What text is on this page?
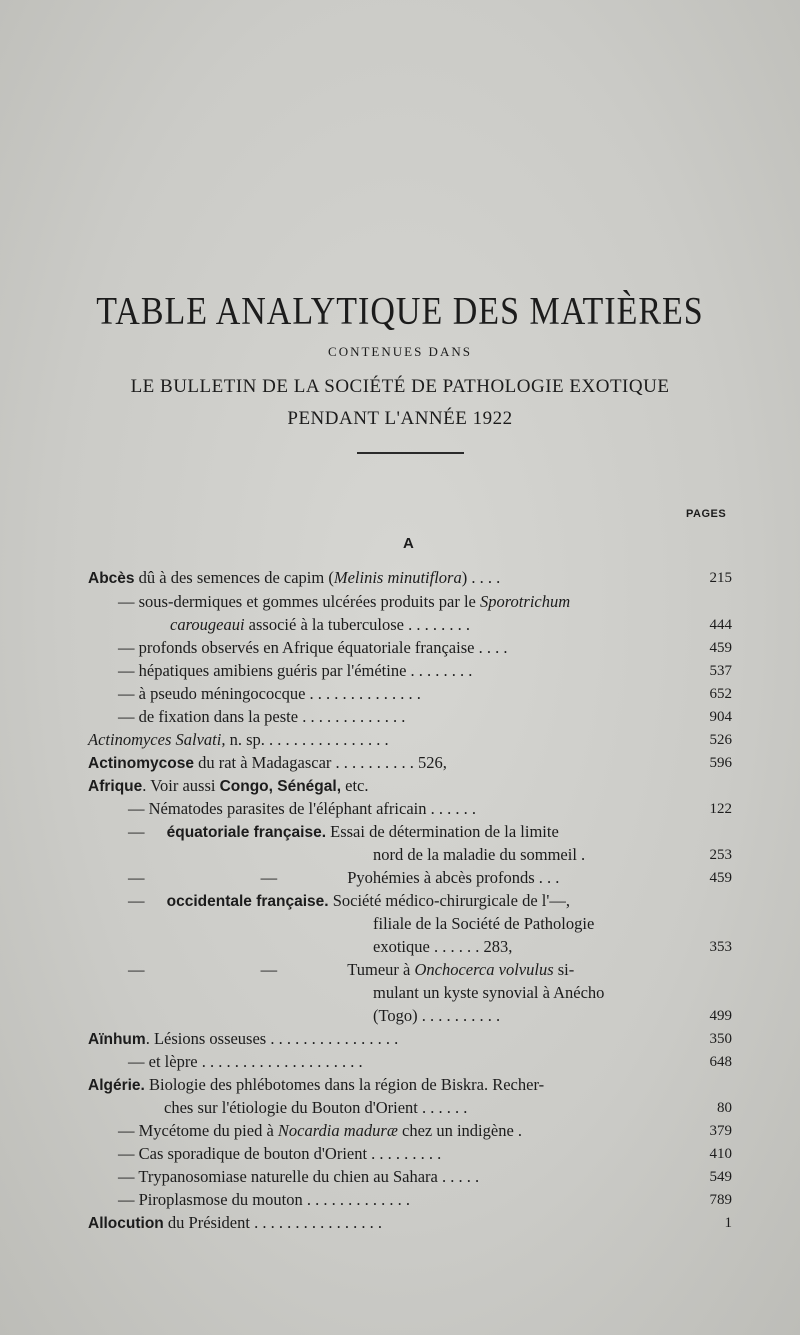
TABLE ANALYTIQUE DES MATIÈRES
CONTENUES DANS
LE BULLETIN DE LA SOCIÉTÉ DE PATHOLOGIE EXOTIQUE
PENDANT L'ANNÉE 1922
PAGES
A
Abcès dû à des semences de capim (Melinis minutiflora) . . . .	215
— sous-dermiques et gommes ulcérées produits par le Sporotrichum
carougeaui associé à la tuberculose . . . . . . . .	444
— profonds observés en Afrique équatoriale française . . . .	459
— hépatiques amibiens guéris par l'émétine . . . . . . . .	537
— à pseudo méningococque . . . . . . . . . . . . . .	652
— de fixation dans la peste . . . . . . . . . . . . .	904
Actinomyces Salvati, n. sp. . . . . . . . . . . . . . . .	526
Actinomycose du rat à Madagascar . . . . . . . . . . 526,	596
Afrique. Voir aussi Congo, Sénégal, etc.
— Nématodes parasites de l'éléphant africain . . . . . .	122
— équatoriale française. Essai de détermination de la limite
nord de la maladie du sommeil .	253
—	—	Pyohémies à abcès profonds . . .	459
— occidentale française. Société médico-chirurgicale de l'—,
filiale de la Société de Pathologie
exotique . . . . . . 283,	353
—	—	Tumeur à Onchocerca volvulus si-
mulant un kyste synovial à Anécho
(Togo) . . . . . . . . . .	499
Aïnhum. Lésions osseuses . . . . . . . . . . . . . . . .	350
— et lèpre . . . . . . . . . . . . . . . . . . . .	648
Algérie. Biologie des phlébotomes dans la région de Biskra. Recher-
ches sur l'étiologie du Bouton d'Orient . . . . . .	80
— Mycétome du pied à Nocardia maduræ chez un indigène .	379
— Cas sporadique de bouton d'Orient . . . . . . . . .	410
— Trypanosomiase naturelle du chien au Sahara . . . . .	549
— Piroplasmose du mouton . . . . . . . . . . . . .	789
Allocution du Président . . . . . . . . . . . . . . . .	1
